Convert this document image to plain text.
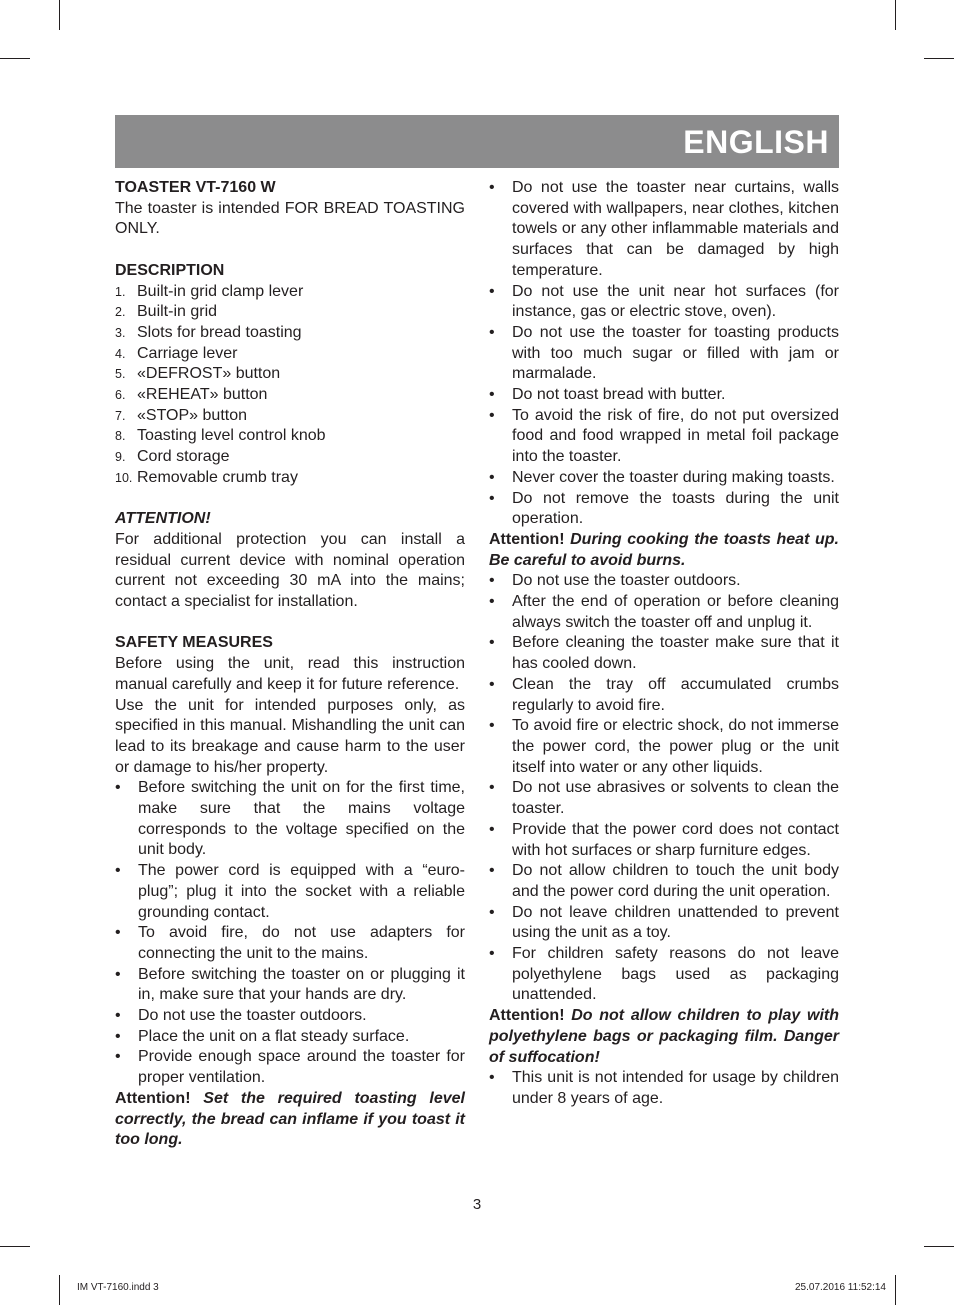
ENGLISH
TOASTER VT-7160 W
The toaster is intended FOR BREAD TOASTING ONLY.
DESCRIPTION
1. Built-in grid clamp lever
2. Built-in grid
3. Slots for bread toasting
4. Carriage lever
5. «DEFROST» button
6. «REHEAT» button
7. «STOP» button
8. Toasting level control knob
9. Cord storage
10. Removable crumb tray
ATTENTION!
For additional protection you can install a residual current device with nominal operation current not exceeding 30 mA into the mains; contact a specialist for installation.
SAFETY MEASURES
Before using the unit, read this instruction manual carefully and keep it for future reference.
Use the unit for intended purposes only, as specified in this manual. Mishandling the unit can lead to its breakage and cause harm to the user or damage to his/her property.
• Before switching the unit on for the first time, make sure that the mains voltage corresponds to the voltage specified on the unit body.
• The power cord is equipped with a “euro-plug”; plug it into the socket with a reliable grounding contact.
• To avoid fire, do not use adapters for connecting the unit to the mains.
• Before switching the toaster on or plugging it in, make sure that your hands are dry.
• Do not use the toaster outdoors.
• Place the unit on a flat steady surface.
• Provide enough space around the toaster for proper ventilation.
Attention! Set the required toasting level correctly, the bread can inflame if you toast it too long.
• Do not use the toaster near curtains, walls covered with wallpapers, near clothes, kitchen towels or any other inflammable materials and surfaces that can be damaged by high temperature.
• Do not use the unit near hot surfaces (for instance, gas or electric stove, oven).
• Do not use the toaster for toasting products with too much sugar or filled with jam or marmalade.
• Do not toast bread with butter.
• To avoid the risk of fire, do not put oversized food and food wrapped in metal foil package into the toaster.
• Never cover the toaster during making toasts.
• Do not remove the toasts during the unit operation.
Attention! During cooking the toasts heat up. Be careful to avoid burns.
• Do not use the toaster outdoors.
• After the end of operation or before cleaning always switch the toaster off and unplug it.
• Before cleaning the toaster make sure that it has cooled down.
• Clean the tray off accumulated crumbs regularly to avoid fire.
• To avoid fire or electric shock, do not immerse the power cord, the power plug or the unit itself into water or any other liquids.
• Do not use abrasives or solvents to clean the toaster.
• Provide that the power cord does not contact with hot surfaces or sharp furniture edges.
• Do not allow children to touch the unit body and the power cord during the unit operation.
• Do not leave children unattended to prevent using the unit as a toy.
• For children safety reasons do not leave polyethylene bags used as packaging unattended.
Attention! Do not allow children to play with polyethylene bags or packaging film. Danger of suffocation!
• This unit is not intended for usage by children under 8 years of age.
3
IM VT-7160.indd 3	25.07.2016 11:52:14
